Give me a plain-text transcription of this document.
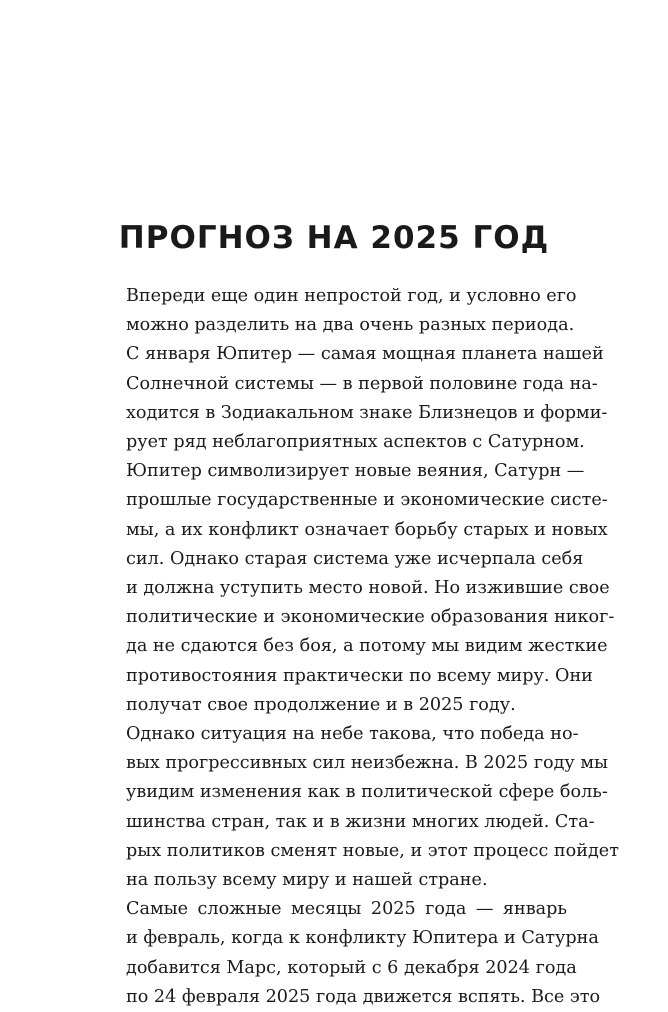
ПРОГНОЗ НА 2025 ГОД

Впереди еще один непростой год, и условно его
можно разделить на два очень разных периода.
С января Юпитер — самая мощная планета нашей
Солнечной системы — в первой половине года на-
ходится в Зодиакальном знаке Близнецов и форми-
рует ряд неблагоприятных аспектов с Сатурном.

Юпитер символизирует новые веяния, Сатурн —
прошлые государственные и экономические систе-
мы, а их конфликт означает борьбу старых и новых
сил. Однако старая система уже исчерпала себя
и должна уступить место новой. Но изжившие свое
политические и экономические образования никог-
да не сдаются без боя, а потому мы видим жесткие
противостояния практически по всему миру. Они
получат свое продолжение и в 2025 году.

Однако ситуация на небе такова, что победа но-
вых прогрессивных сил неизбежна. В 2025 году мы
увидим изменения как в политической сфере боль-
шинства стран, так и в жизни многих людей. Ста-
рых политиков сменят новые, и этот процесс пойдет
на пользу всему миру и нашей стране.

Самые сложные месяцы 2025 года — январь
и февраль, когда к конфликту Юпитера и Сатурна
добавится Марс, который с 6 декабря 2024 года
по 24 февраля 2025 года движется вспять. Все это
